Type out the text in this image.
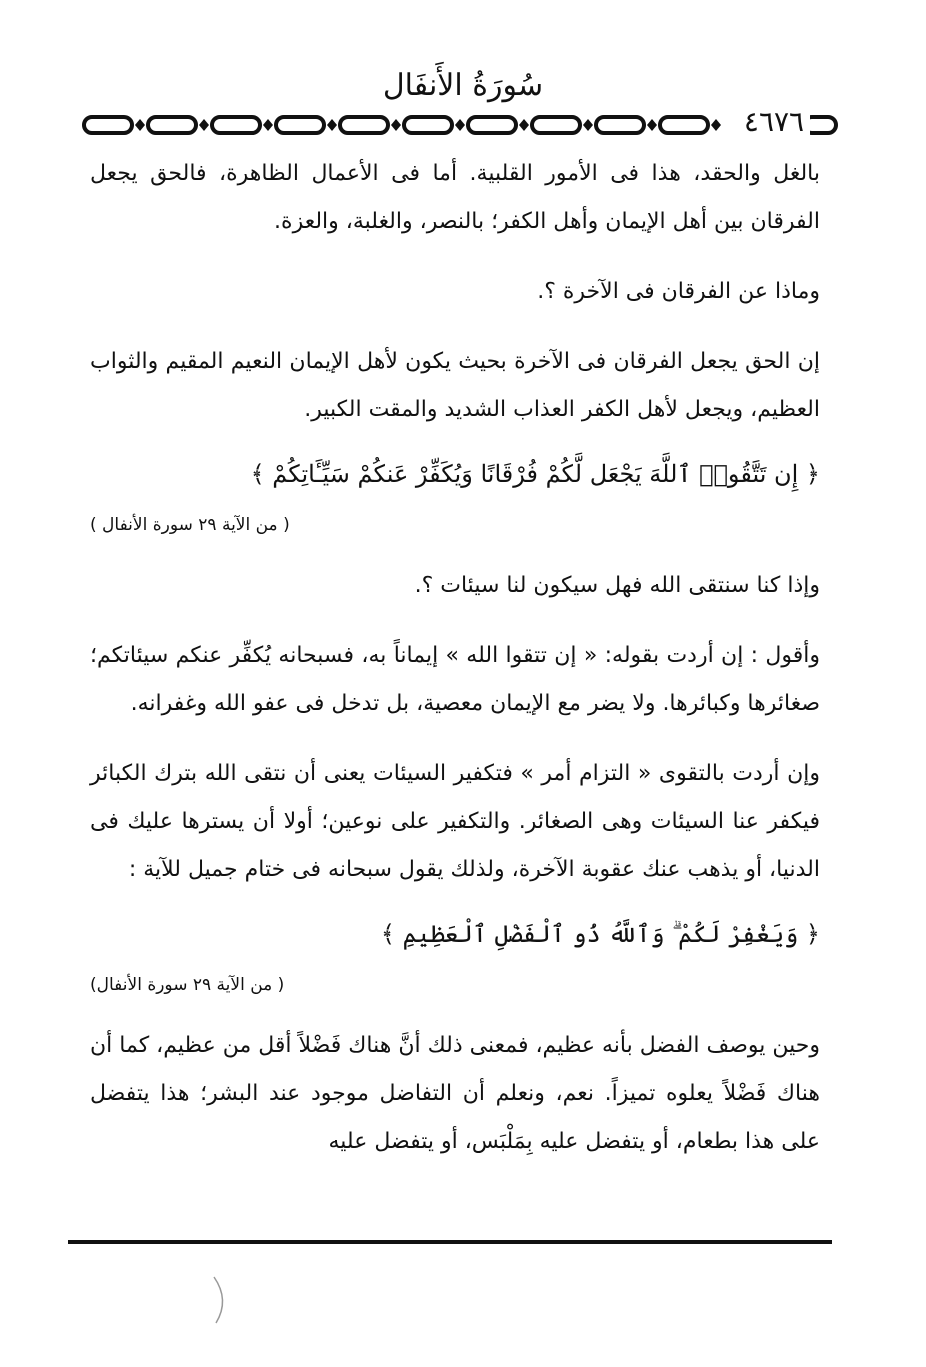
سُورَةُ الأَنفَال
٤٦٧٦

بالغل والحقد، هذا فى الأمور القلبية. أما فى الأعمال الظاهرة، فالحق يجعل الفرقان بين أهل الإيمان وأهل الكفر؛ بالنصر، والغلبة، والعزة.

وماذا عن الفرقان فى الآخرة ؟.

إن الحق يجعل الفرقان فى الآخرة بحيث يكون لأهل الإيمان النعيم المقيم والثواب العظيم، ويجعل لأهل الكفر العذاب الشديد والمقت الكبير.

﴿ إِن تَتَّقُوا۟ ٱللَّهَ يَجْعَل لَّكُمْ فُرْقَانًا وَيُكَفِّرْ عَنكُمْ سَيِّـَٔاتِكُمْ ﴾
( من الآية ٢٩ سورة الأنفال )

وإذا كنا سنتقى الله فهل سيكون لنا سيئات ؟.

وأقول : إن أردت بقوله: « إن تتقوا الله » إيماناً به، فسبحانه يُكفِّر عنكم سيئاتكم؛ صغائرها وكبائرها. ولا يضر مع الإيمان معصية، بل تدخل فى عفو الله وغفرانه.

وإن أردت بالتقوى « التزام أمر » فتكفير السيئات يعنى أن نتقى الله بترك الكبائر فيكفر عنا السيئات وهى الصغائر. والتكفير على نوعين؛ أولا أن يسترها عليك فى الدنيا، أو يذهب عنك عقوبة الآخرة، ولذلك يقول سبحانه فى ختام جميل للآية :

﴿ وَيَغْفِرْ لَكُمْ ۗ وَٱللَّهُ ذُو ٱلْفَضْلِ ٱلْعَظِيمِ ﴾
( من الآية ٢٩ سورة الأنفال)

وحين يوصف الفضل بأنه عظيم، فمعنى ذلك أنَّ هناك فَضْلاً أقل من عظيم، كما أن هناك فَضْلاً يعلوه تميزاً. نعم، ونعلم أن التفاضل موجود عند البشر؛ هذا يتفضل على هذا بطعام، أو يتفضل عليه بِمَلْبَس، أو يتفضل عليه
